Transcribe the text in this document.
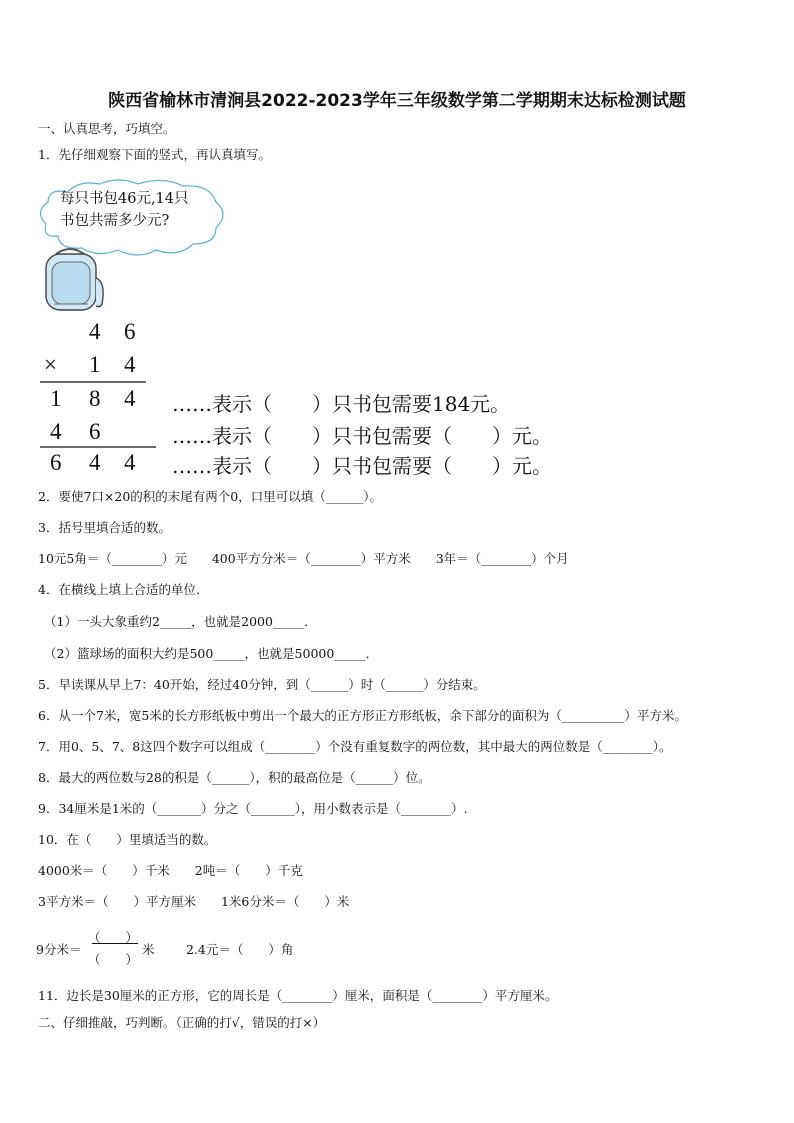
陕西省榆林市清涧县2022-2023学年三年级数学第二学期期末达标检测试题
一、认真思考，巧填空。
1．先仔细观察下面的竖式，再认真填写。
每只书包46元,14只
书包共需多少元?
4 6
× 1 4
1 8 4
4 6
6 4 4
……表示（　　）只书包需要184元。
……表示（　　）只书包需要（　　）元。
……表示（　　）只书包需要（　　）元。
2．要使7口×20的积的末尾有两个0，口里可以填（______）。
3．括号里填合适的数。
10元5角＝（________）元　　400平方分米＝（________）平方米　　3年＝（________）个月
4．在横线上填上合适的单位．
（1）一头大象重约2_____，也就是2000_____．
（2）篮球场的面积大约是500_____，也就是50000_____．
5．早读课从早上7：40开始，经过40分钟，到（______）时（______）分结束。
6．从一个7米，宽5米的长方形纸板中剪出一个最大的正方形正方形纸板，余下部分的面积为（__________）平方米。
7．用0、5、7、8这四个数字可以组成（________）个没有重复数字的两位数，其中最大的两位数是（________）。
8．最大的两位数与28的积是（______），积的最高位是（______）位。
9．34厘米是1米的（_______）分之（_______），用小数表示是（________）.
10．在（　　）里填适当的数。
4000米＝（　　）千米　　2吨＝（　　）千克
3平方米＝（　　）平方厘米　　1米6分米＝（　　）米
9分米＝
（　　）
（　　）
米	2.4元＝（　　）角
11．边长是30厘米的正方形，它的周长是（________）厘米，面积是（________）平方厘米。
二、仔细推敲，巧判断。（正确的打√，错误的打×）
